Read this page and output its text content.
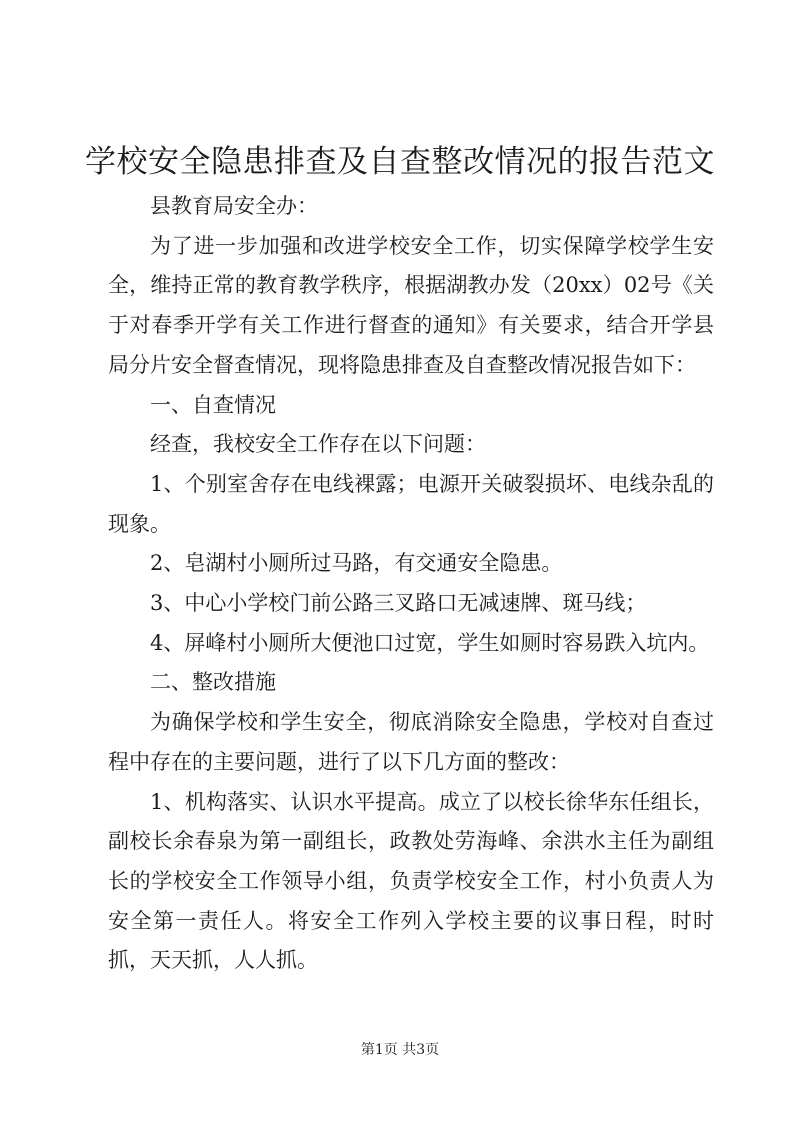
学校安全隐患排查及自查整改情况的报告范文

县教育局安全办：

为了进一步加强和改进学校安全工作，切实保障学校学生安全，维持正常的教育教学秩序，根据湖教办发（20xx）02号《关于对春季开学有关工作进行督查的通知》有关要求，结合开学县局分片安全督查情况，现将隐患排查及自查整改情况报告如下：

一、自查情况

经查，我校安全工作存在以下问题：

1、个别室舍存在电线裸露；电源开关破裂损坏、电线杂乱的现象。

2、皂湖村小厕所过马路，有交通安全隐患。

3、中心小学校门前公路三叉路口无减速牌、斑马线；

4、屏峰村小厕所大便池口过宽，学生如厕时容易跌入坑内。

二、整改措施

为确保学校和学生安全，彻底消除安全隐患，学校对自查过程中存在的主要问题，进行了以下几方面的整改：

1、机构落实、认识水平提高。成立了以校长徐华东任组长，副校长余春泉为第一副组长，政教处劳海峰、余洪水主任为副组长的学校安全工作领导小组，负责学校安全工作，村小负责人为安全第一责任人。将安全工作列入学校主要的议事日程，时时抓，天天抓，人人抓。

第1页 共3页
